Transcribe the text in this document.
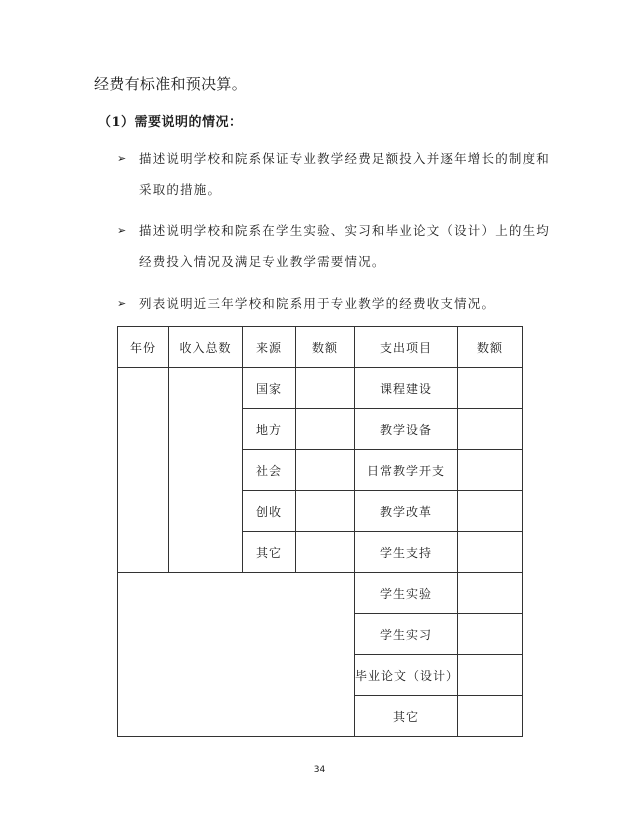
经费有标准和预决算。
（1）需要说明的情况：
➢ 描述说明学校和院系保证专业教学经费足额投入并逐年增长的制度和采取的措施。
➢ 描述说明学校和院系在学生实验、实习和毕业论文（设计）上的生均经费投入情况及满足专业教学需要情况。
➢ 列表说明近三年学校和院系用于专业教学的经费收支情况。
年份	收入总数	来源	数额	支出项目	数额
		国家		课程建设	
		地方		教学设备	
		社会		日常教学开支	
		创收		教学改革	
		其它		学生支持	
				学生实验	
				学生实习	
				毕业论文（设计）	
				其它	
34
